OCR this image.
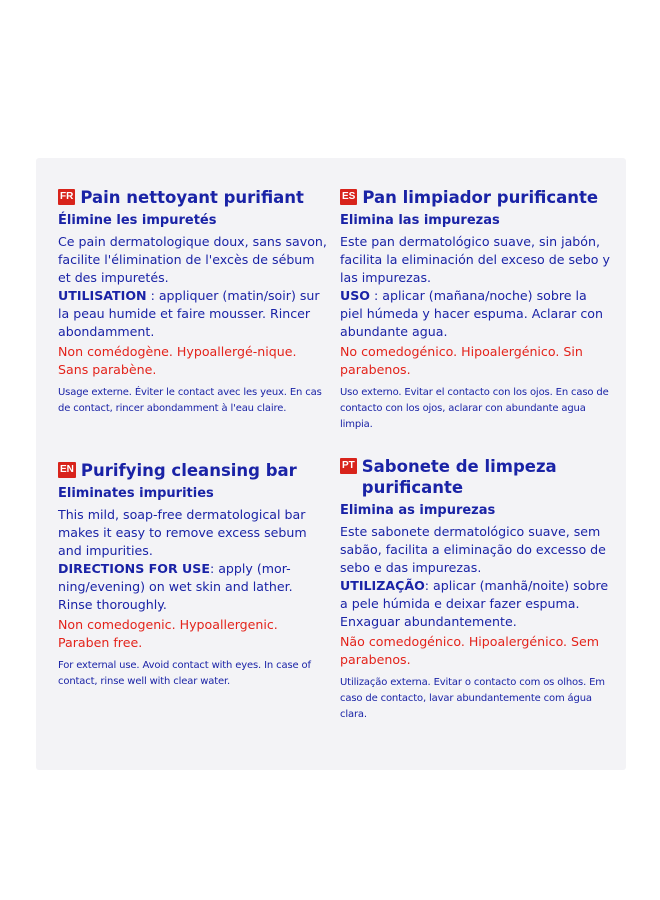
FR Pain nettoyant purifiant
Élimine les impuretés
Ce pain dermatologique doux, sans savon, facilite l'élimination de l'excès de sébum et des impuretés.
UTILISATION : appliquer (matin/soir) sur la peau humide et faire mousser. Rincer abondamment.
Non comédogène. Hypoallergé-nique. Sans parabène.
Usage externe. Éviter le contact avec les yeux. En cas de contact, rincer abondamment à l'eau claire.
ES Pan limpiador purificante
Elimina las impurezas
Este pan dermatológico suave, sin jabón, facilita la eliminación del exceso de sebo y las impurezas.
USO : aplicar (mañana/noche) sobre la piel húmeda y hacer espuma. Aclarar con abundante agua.
No comedogénico. Hipoalergénico. Sin parabenos.
Uso externo. Evitar el contacto con los ojos. En caso de contacto con los ojos, aclarar con abundante agua limpia.
EN Purifying cleansing bar
Eliminates impurities
This mild, soap-free dermatological bar makes it easy to remove excess sebum and impurities.
DIRECTIONS FOR USE: apply (mor-ning/evening) on wet skin and lather. Rinse thoroughly.
Non comedogenic. Hypoallergenic. Paraben free.
For external use. Avoid contact with eyes. In case of contact, rinse well with clear water.
PT Sabonete de limpeza purificante
Elimina as impurezas
Este sabonete dermatológico suave, sem sabão, facilita a eliminação do excesso de sebo e das impurezas.
UTILIZAÇÃO: aplicar (manhã/noite) sobre a pele húmida e deixar fazer espuma. Enxaguar abundantemente.
Não comedogénico. Hipoalergénico. Sem parabenos.
Utilização externa. Evitar o contacto com os olhos. Em caso de contacto, lavar abundantemente com água clara.
